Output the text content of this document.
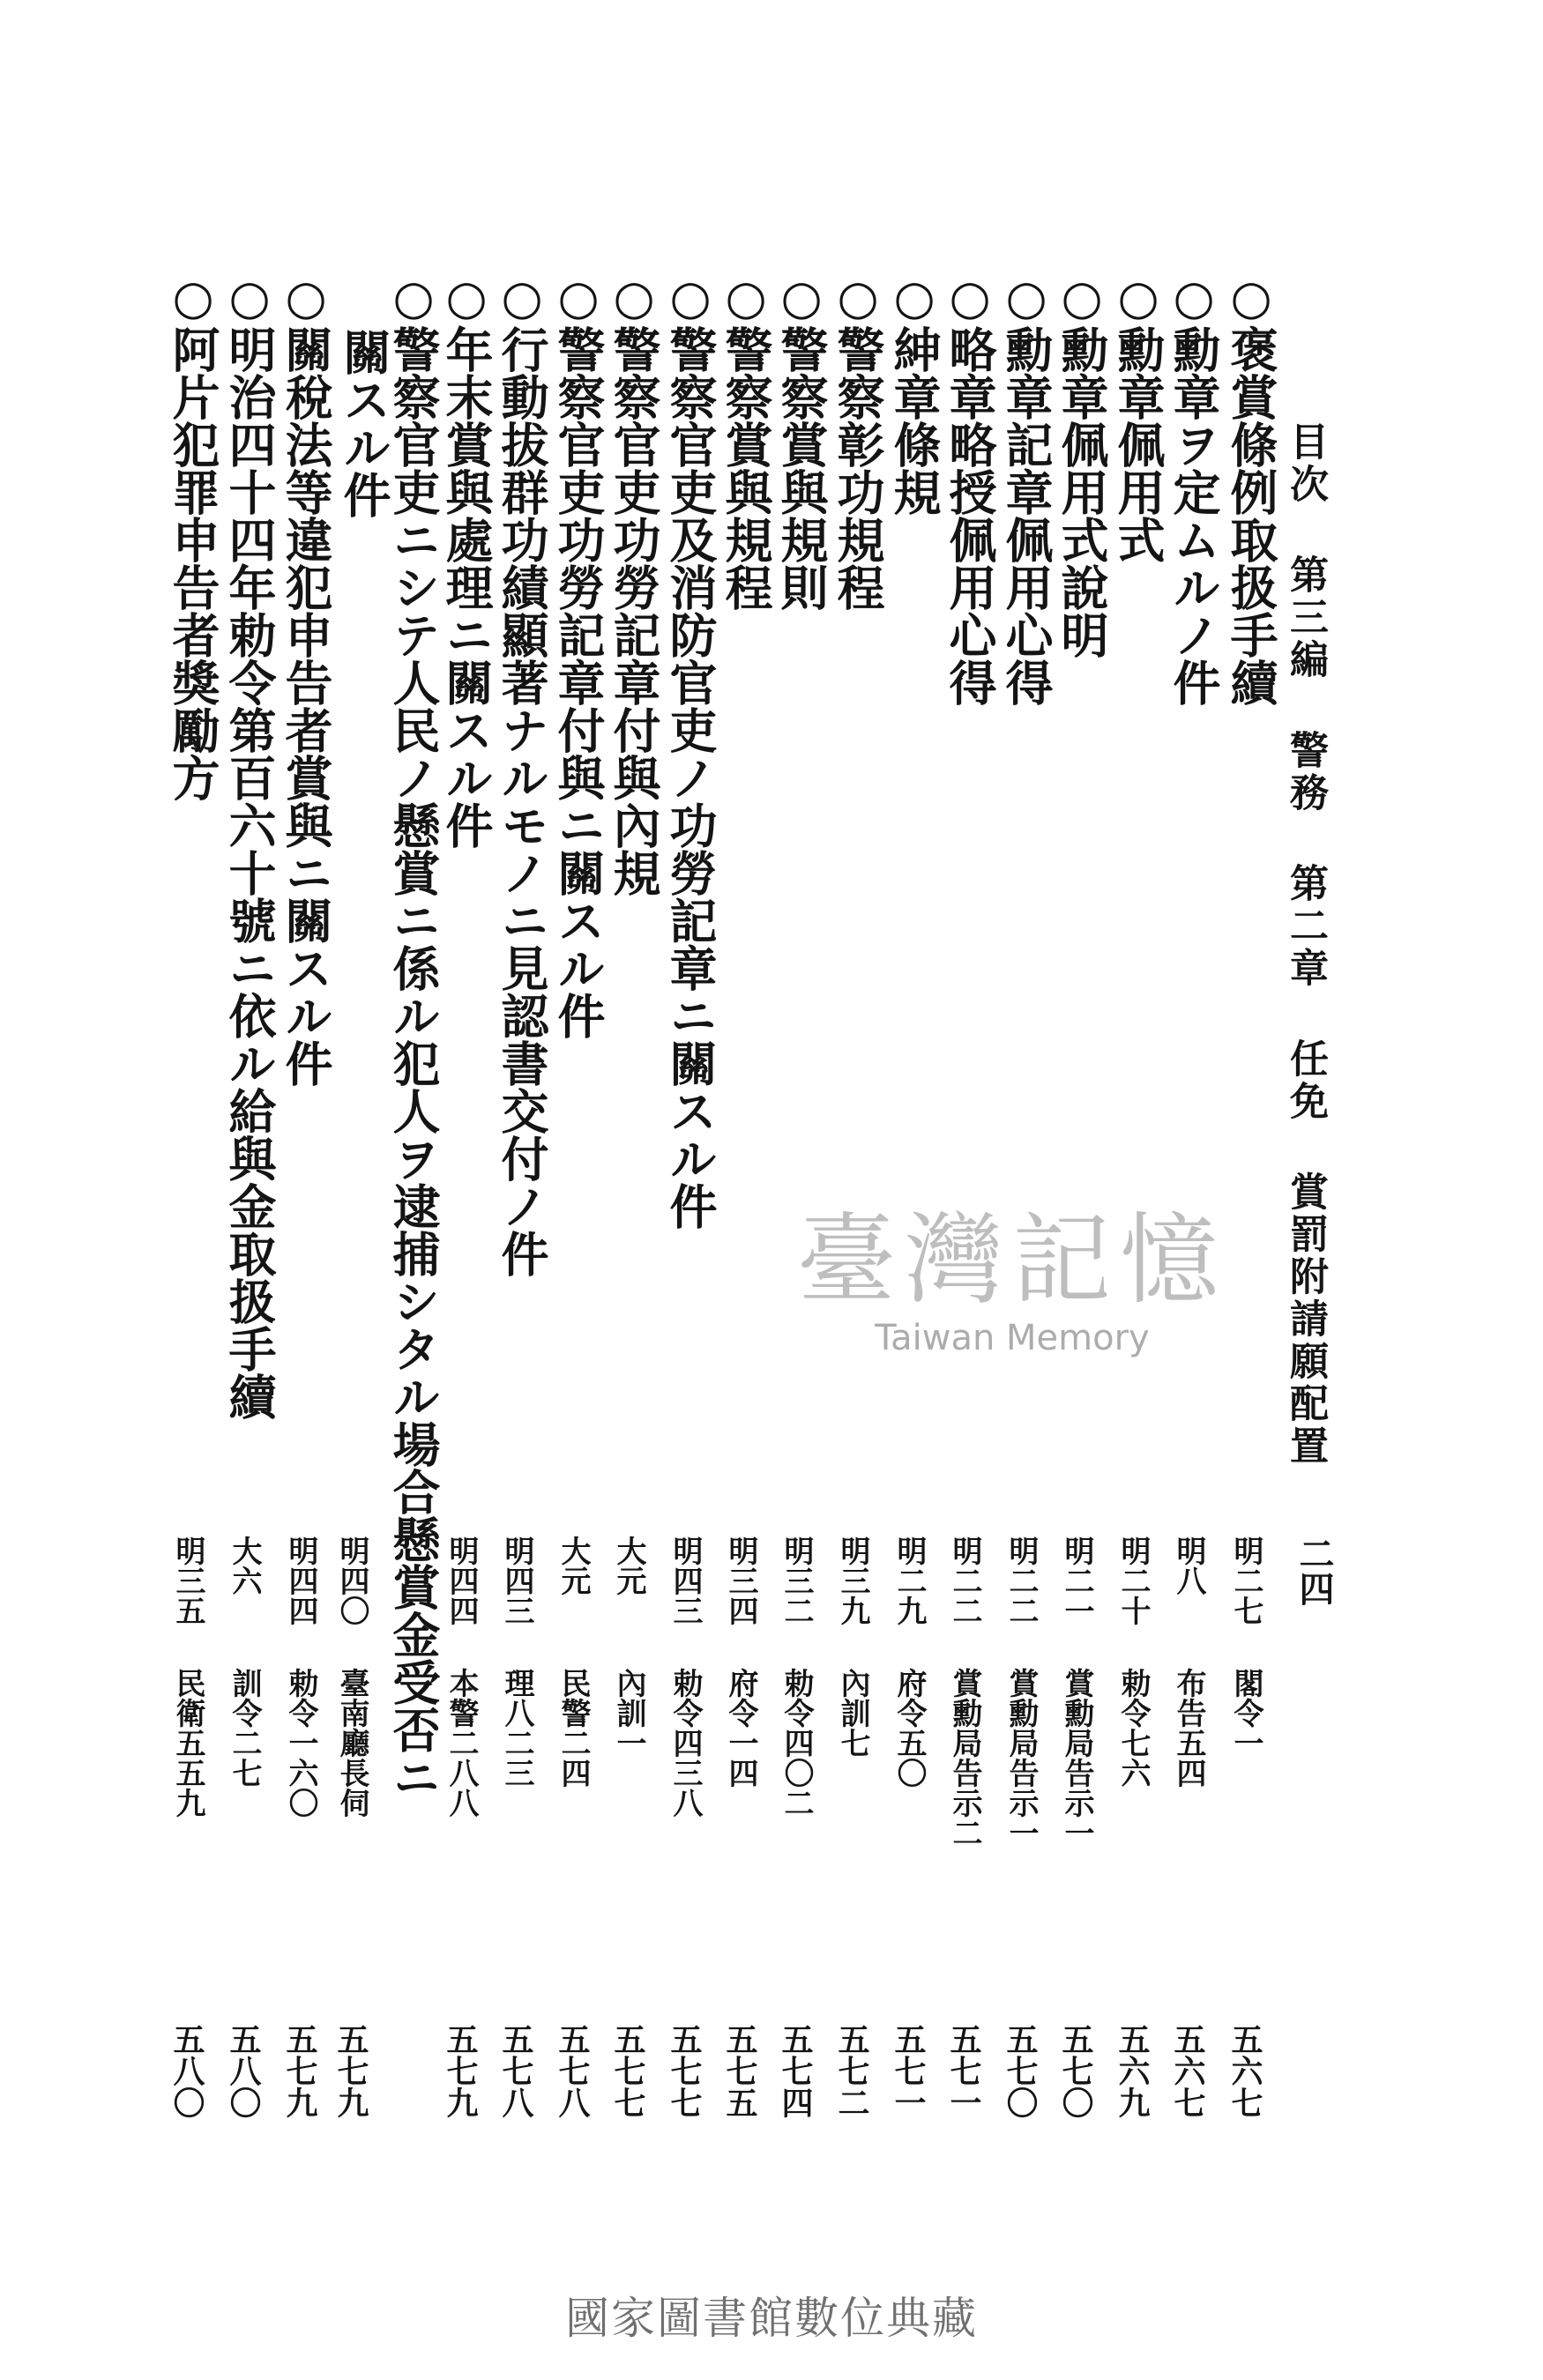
目次 第三編 警務 第二章 任免 賞罰附請願配置
二四
○褒賞條例取扱手續
明二七
閣令一
五六七
○勳章ヲ定ムルノ件
明八
布告五四
五六七
○勳章佩用式
明二十
勅令七六
五六九
○勳章佩用式說明
明二一
賞勳局告示一
五七〇
○勳章記章佩用心得
明二二
賞勳局告示一
五七〇
○略章略授佩用心得
明二二
賞勳局告示二
五七一
○紳章條規
明二九
府令五〇
五七一
○警察彰功規程
明三九
內訓七
五七二
○警察賞與規則
明三二
勅令四〇二
五七四
○警察賞與規程
明三四
府令一四
五七五
○警察官吏及消防官吏ノ功勞記章ニ關スル件
明四三
勅令四三八
五七七
○警察官吏功勞記章付與內規
大元
內訓一
五七七
○警察官吏功勞記章付與ニ關スル件
大元
民警二四
五七八
○行動拔群功績顯著ナルモノニ見認書交付ノ件
明四三
理八二三
五七八
○年末賞與處理ニ關スル件
明四四
本警二八八
五七九
○警察官吏ニシテ人民ノ懸賞ニ係ル犯人ヲ逮捕シタル場合懸賞金受否ニ
關スル件
明四〇
臺南廳長伺
五七九
○關稅法等違犯申告者賞與ニ關スル件
明四四
勅令一六〇
五七九
○明治四十四年勅令第百六十號ニ依ル給與金取扱手續
大六
訓令二七
五八〇
○阿片犯罪申告者獎勵方
明三五
民衛五五九
五八〇
臺灣記憶
Taiwan Memory
國家圖書館數位典藏
